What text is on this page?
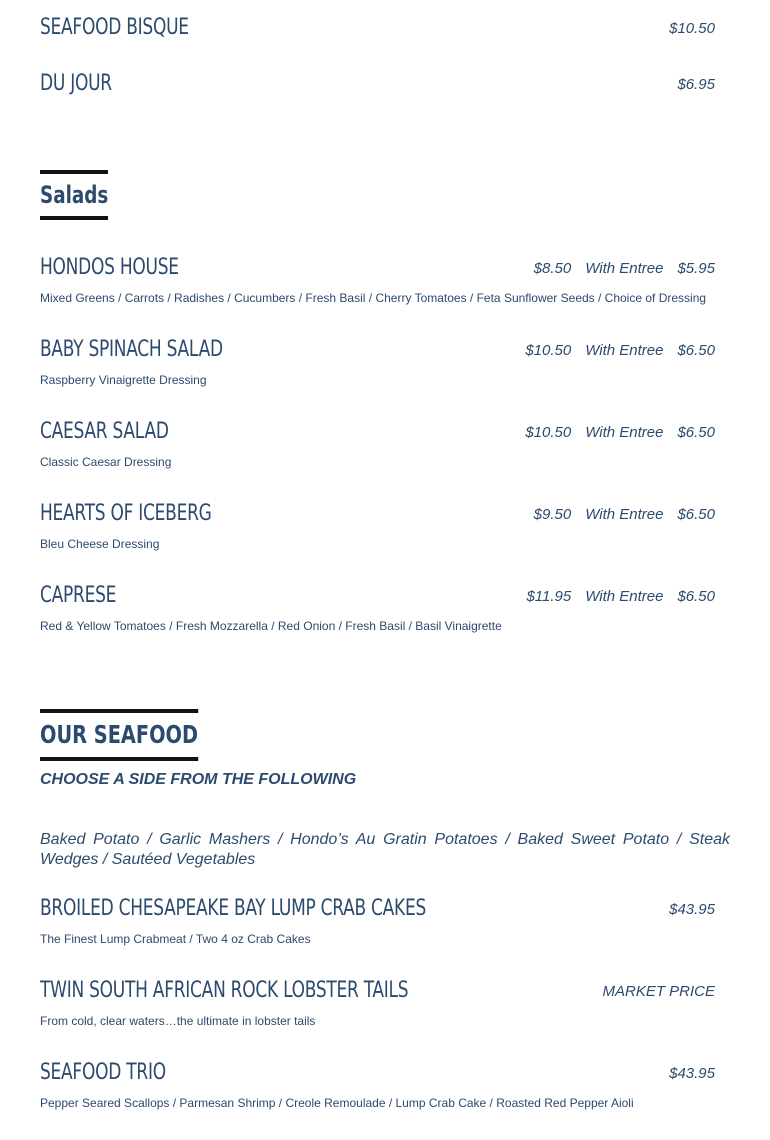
SEAFOOD BISQUE	$10.50
DU JOUR	$6.95
Salads
HONDOS HOUSE	$8.50 With Entree $5.95
Mixed Greens / Carrots / Radishes / Cucumbers / Fresh Basil / Cherry Tomatoes / Feta Sunflower Seeds / Choice of Dressing
BABY SPINACH SALAD	$10.50 With Entree $6.50
Raspberry Vinaigrette Dressing
CAESAR SALAD	$10.50 With Entree $6.50
Classic Caesar Dressing
HEARTS OF ICEBERG	$9.50 With Entree $6.50
Bleu Cheese Dressing
CAPRESE	$11.95 With Entree $6.50
Red & Yellow Tomatoes / Fresh Mozzarella / Red Onion / Fresh Basil / Basil Vinaigrette
OUR SEAFOOD
CHOOSE A SIDE FROM THE FOLLOWING
Baked Potato / Garlic Mashers / Hondo’s Au Gratin Potatoes / Baked Sweet Potato / Steak Wedges / Sautéed Vegetables
BROILED CHESAPEAKE BAY LUMP CRAB CAKES	$43.95
The Finest Lump Crabmeat / Two 4 oz Crab Cakes
TWIN SOUTH AFRICAN ROCK LOBSTER TAILS	MARKET PRICE
From cold, clear waters…the ultimate in lobster tails
SEAFOOD TRIO	$43.95
Pepper Seared Scallops / Parmesan Shrimp / Creole Remoulade / Lump Crab Cake / Roasted Red Pepper Aioli
